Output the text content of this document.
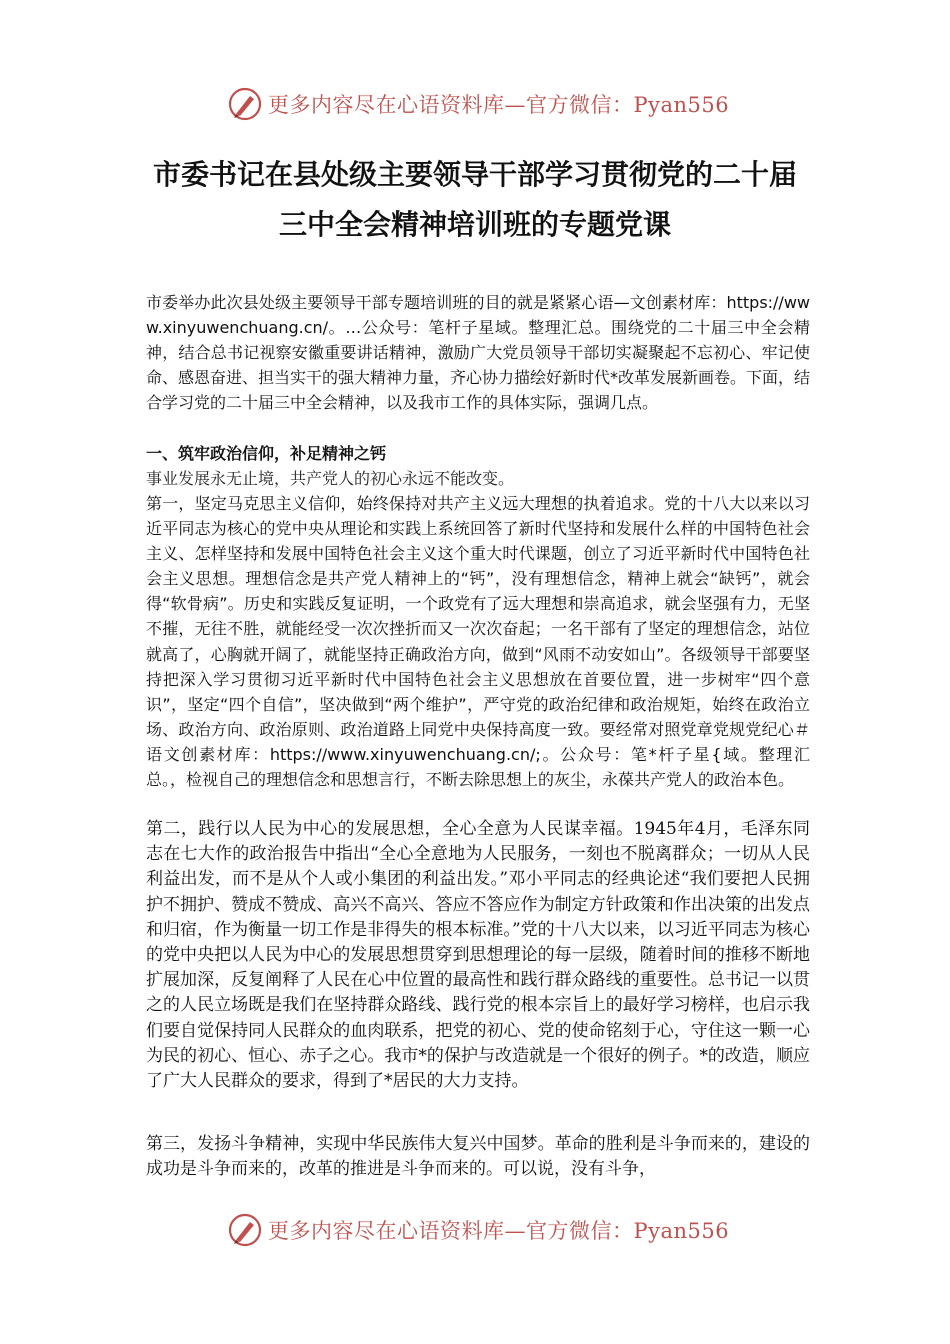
更多内容尽在心语资料库—官方微信：Pyan556
市委书记在县处级主要领导干部学习贯彻党的二十届
三中全会精神培训班的专题党课

市委举办此次县处级主要领导干部专题培训班的目的就是紧紧心语—文创素材库：https://www.xinyuwenchuang.cn/。…公众号：笔杆子星域。整理汇总。围绕党的二十届三中全会精神，结合总书记视察安徽重要讲话精神，激励广大党员领导干部切实凝聚起不忘初心、牢记使命、感恩奋进、担当实干的强大精神力量，齐心协力描绘好新时代*改革发展新画卷。下面，结合学习党的二十届三中全会精神，以及我市工作的具体实际，强调几点。

一、筑牢政治信仰，补足精神之钙

事业发展永无止境，共产党人的初心永远不能改变。

第一，坚定马克思主义信仰，始终保持对共产主义远大理想的执着追求。党的十八大以来以习近平同志为核心的党中央从理论和实践上系统回答了新时代坚持和发展什么样的中国特色社会主义、怎样坚持和发展中国特色社会主义这个重大时代课题，创立了习近平新时代中国特色社会主义思想。理想信念是共产党人精神上的“钙”，没有理想信念，精神上就会“缺钙”，就会得“软骨病”。历史和实践反复证明，一个政党有了远大理想和崇高追求，就会坚强有力，无坚不摧，无往不胜，就能经受一次次挫折而又一次次奋起；一名干部有了坚定的理想信念，站位就高了，心胸就开阔了，就能坚持正确政治方向，做到“风雨不动安如山”。各级领导干部要坚持把深入学习贯彻习近平新时代中国特色社会主义思想放在首要位置，进一步树牢“四个意识”，坚定“四个自信”，坚决做到“两个维护”，严守党的政治纪律和政治规矩，始终在政治立场、政治方向、政治原则、政治道路上同党中央保持高度一致。要经常对照党章党规党纪心＃语文创素材库：https://www.xinyuwenchuang.cn/;。公众号：笔*杆子星{域。整理汇总。，检视自己的理想信念和思想言行，不断去除思想上的灰尘，永葆共产党人的政治本色。

第二，践行以人民为中心的发展思想，全心全意为人民谋幸福。1945年4月，毛泽东同志在七大作的政治报告中指出“全心全意地为人民服务，一刻也不脱离群众；一切从人民利益出发，而不是从个人或小集团的利益出发。”邓小平同志的经典论述“我们要把人民拥护不拥护、赞成不赞成、高兴不高兴、答应不答应作为制定方针政策和作出决策的出发点和归宿，作为衡量一切工作是非得失的根本标准。”党的十八大以来，以习近平同志为核心的党中央把以人民为中心的发展思想贯穿到思想理论的每一层级，随着时间的推移不断地扩展加深，反复阐释了人民在心中位置的最高性和践行群众路线的重要性。总书记一以贯之的人民立场既是我们在坚持群众路线、践行党的根本宗旨上的最好学习榜样，也启示我们要自觉保持同人民群众的血肉联系，把党的初心、党的使命铭刻于心，守住这一颗一心为民的初心、恒心、赤子之心。我市*的保护与改造就是一个很好的例子。*的改造，顺应了广大人民群众的要求，得到了*居民的大力支持。

第三，发扬斗争精神，实现中华民族伟大复兴中国梦。革命的胜利是斗争而来的，建设的成功是斗争而来的，改革的推进是斗争而来的。可以说，没有斗争，

更多内容尽在心语资料库—官方微信：Pyan556
